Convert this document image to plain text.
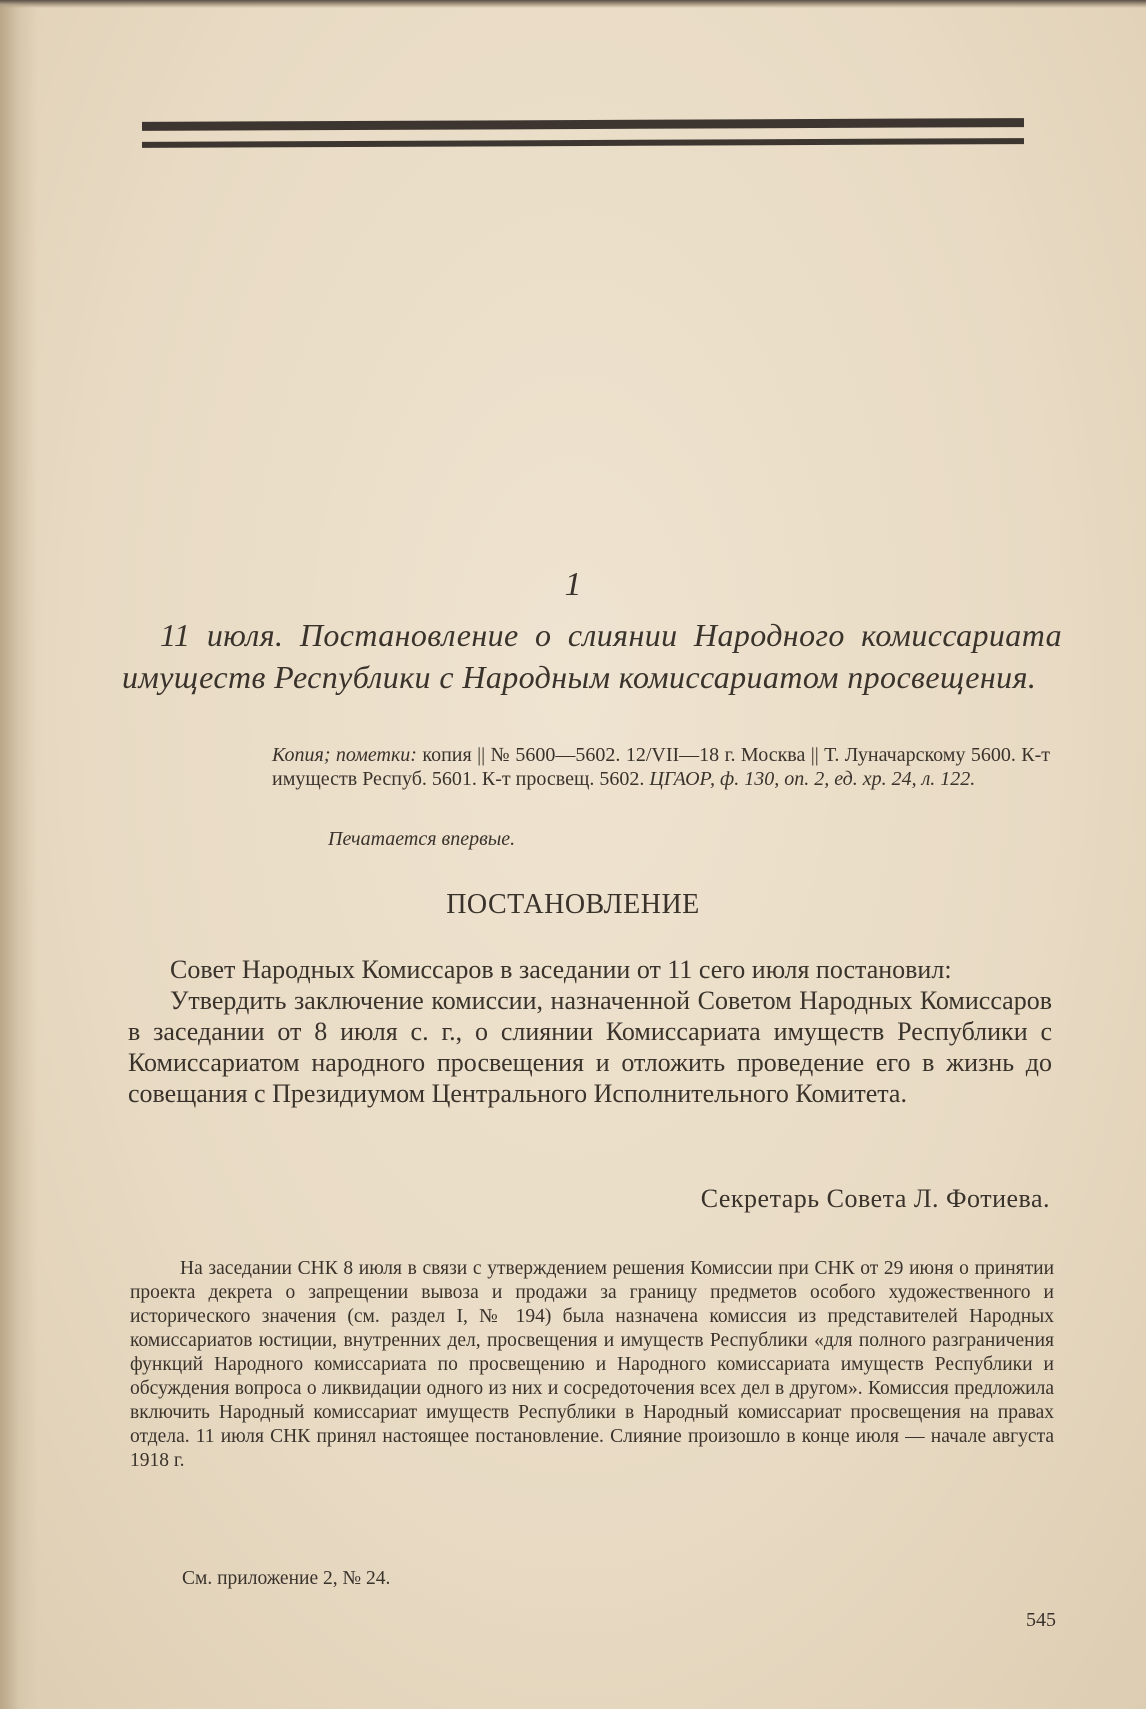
1
11 июля. Постановление о слиянии Народного комиссариата имуществ Республики с Народным комиссариатом просвещения.
Копия; пометки: копия || № 5600—5602. 12/VII—18 г. Москва || Т. Луначарскому 5600. К-т имуществ Респуб. 5601. К-т просвещ. 5602. ЦГАОР, ф. 130, оп. 2, ед. хр. 24, л. 122.
Печатается впервые.
ПОСТАНОВЛЕНИЕ

Совет Народных Комиссаров в заседании от 11 сего июля постановил:

Утвердить заключение комиссии, назначенной Советом Народных Комиссаров в заседании от 8 июля с. г., о слиянии Комиссариата имуществ Республики с Комиссариатом народного просвещения и отложить проведение его в жизнь до совещания с Президиумом Центрального Исполнительного Комитета.

Секретарь Совета Л. Фотиева.

На заседании СНК 8 июля в связи с утверждением решения Комиссии при СНК от 29 июня о принятии проекта декрета о запрещении вывоза и продажи за границу предметов особого художественного и исторического значения (см. раздел I, № 194) была назначена комиссия из представителей Народных комиссариатов юстиции, внутренних дел, просвещения и имуществ Республики «для полного разграничения функций Народного комиссариата по просвещению и Народного комиссариата имуществ Республики и обсуждения вопроса о ликвидации одного из них и сосредоточения всех дел в другом». Комиссия предложила включить Народный комиссариат имуществ Республики в Народный комиссариат просвещения на правах отдела. 11 июля СНК принял настоящее постановление. Слияние произошло в конце июля — начале августа 1918 г.

См. приложение 2, № 24.
545
